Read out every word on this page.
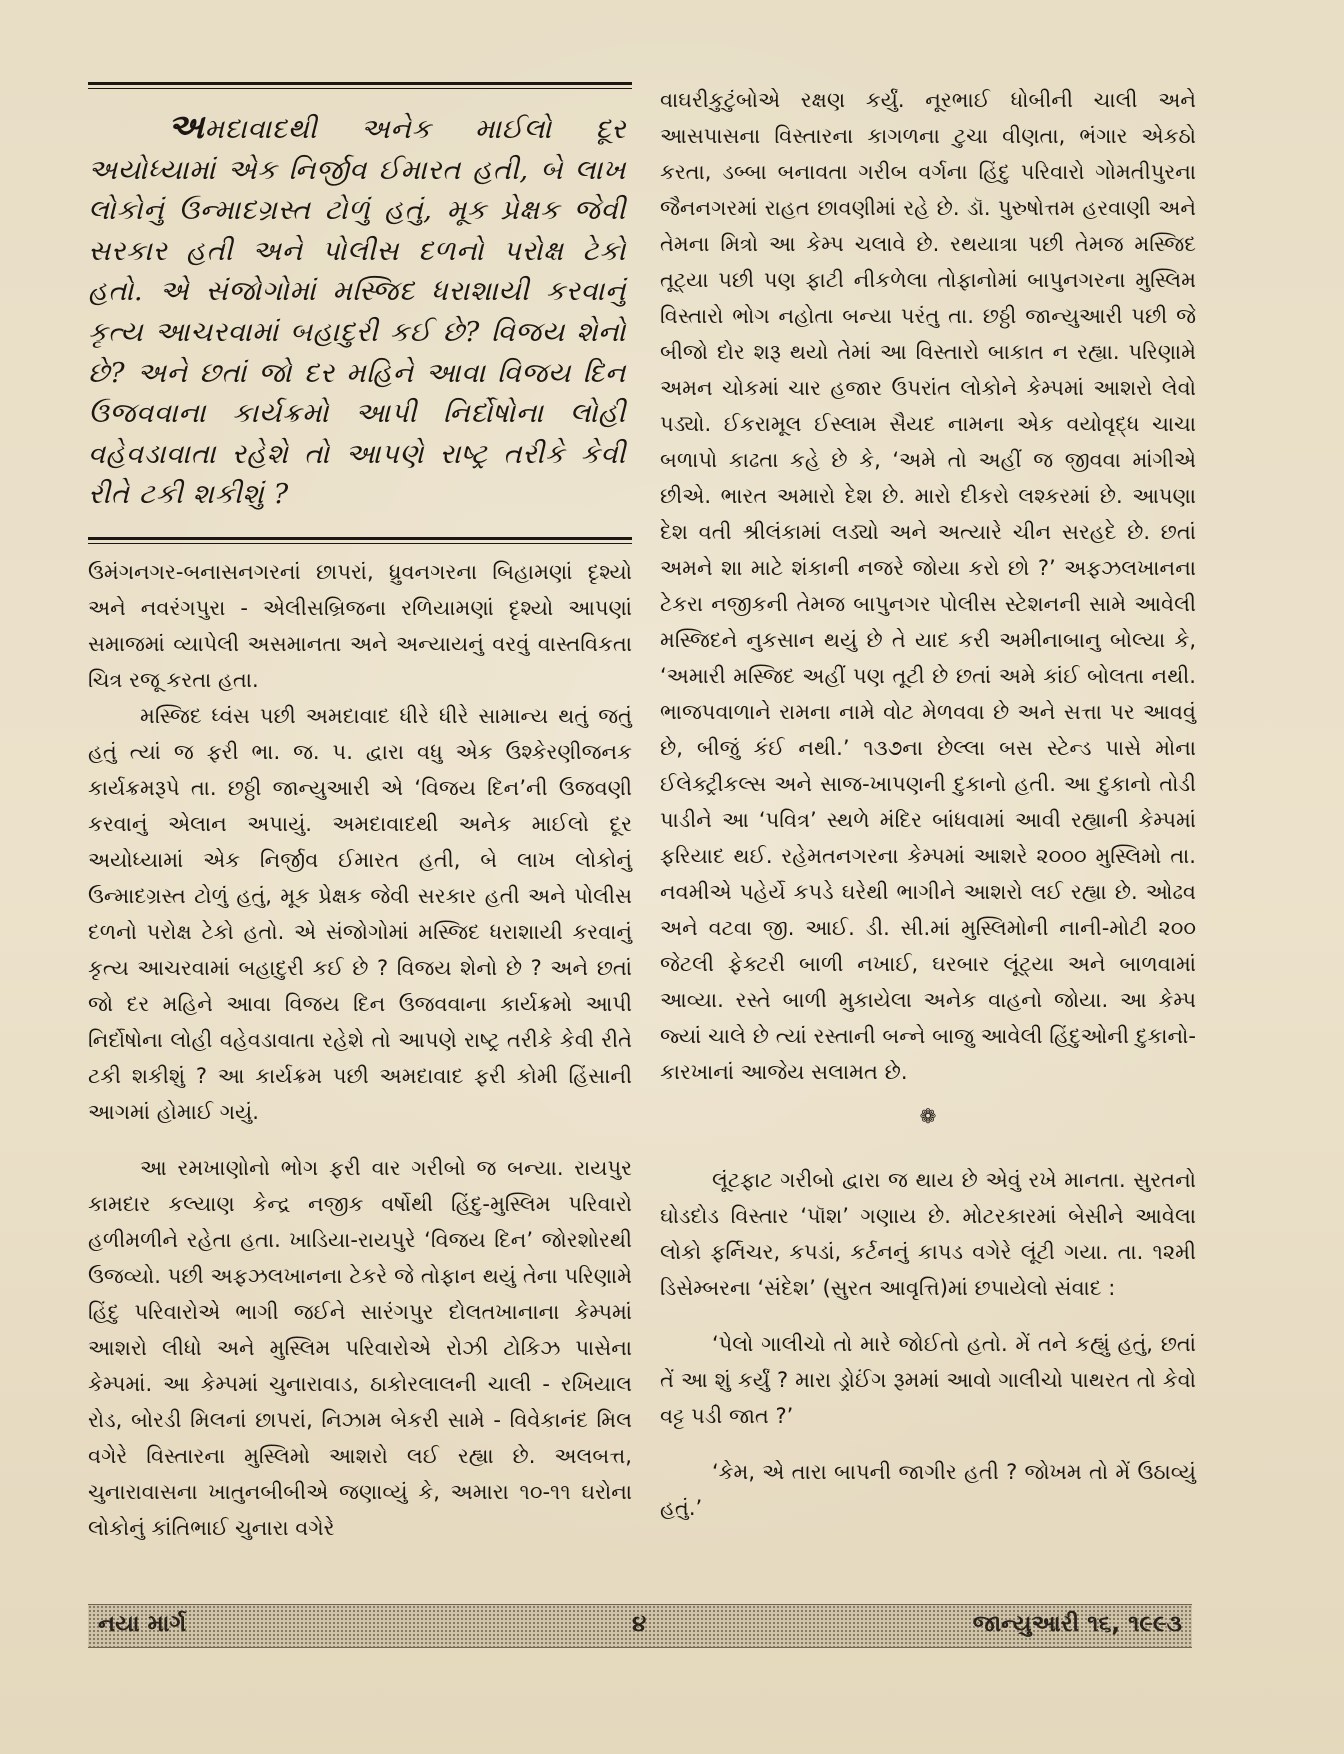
અમદાવાદથી અનેક માઈલો દૂર
અયોધ્યામાં એક નિર્જીવ ઈમારત હતી, બે લાખ લોકોનું ઉન્માદગ્રસ્ત ટોળું હતું, મૂક પ્રેક્ષક જેવી સરકાર હતી અને પોલીસ દળનો પરોક્ષ ટેકો હતો. એ સંજોગોમાં મસ્જિદ ધરાશાયી કરવાનું કૃત્ય આચરવામાં બહાદુરી કઈ છે? વિજય શેનો છે? અને છતાં જો દર મહિને આવા વિજય દિન ઉજવવાના કાર્યક્રમો આપી નિર્દોષોના લોહી વહેવડાવાતા રહેશે તો આપણે રાષ્ટ્ર તરીકે કેવી રીતે ટકી શકીશું ?

ઉમંગનગર-બનાસનગરનાં છાપરાં, ધ્રુવનગરના બિહામણાં દૃશ્યો અને નવરંગપુરા - એલીસબ્રિજના રળિયામણાં દૃશ્યો આપણાં સમાજમાં વ્યાપેલી અસમાનતા અને અન્યાયનું વરવું વાસ્તવિકતા ચિત્ર રજૂ કરતા હતા.

મસ્જિદ ધ્વંસ પછી અમદાવાદ ધીરે ધીરે સામાન્ય થતું જતું હતું ત્યાં જ ફરી ભા. જ. પ. દ્વારા વધુ એક ઉશ્કેરણીજનક કાર્યક્રમરૂપે તા. છઠ્ઠી જાન્યુઆરી એ ‘વિજય દિન’ની ઉજવણી કરવાનું એલાન અપાયું. અમદાવાદથી અનેક માઈલો દૂર અયોધ્યામાં એક નિર્જીવ ઈમારત હતી, બે લાખ લોકોનું ઉન્માદગ્રસ્ત ટોળું હતું, મૂક પ્રેક્ષક જેવી સરકાર હતી અને પોલીસ દળનો પરોક્ષ ટેકો હતો. એ સંજોગોમાં મસ્જિદ ધરાશાયી કરવાનું કૃત્ય આચરવામાં બહાદુરી કઈ છે ? વિજય શેનો છે ? અને છતાં જો દર મહિને આવા વિજય દિન ઉજવવાના કાર્યક્રમો આપી નિર્દોષોના લોહી વહેવડાવાતા રહેશે તો આપણે રાષ્ટ્ર તરીકે કેવી રીતે ટકી શકીશું ? આ કાર્યક્રમ પછી અમદાવાદ ફરી કોમી હિંસાની આગમાં હોમાઈ ગયું.

આ રમખાણોનો ભોગ ફરી વાર ગરીબો જ બન્યા. રાયપુર કામદાર કલ્યાણ કેન્દ્ર નજીક વર્ષોથી હિંદુ-મુસ્લિમ પરિવારો હળીમળીને રહેતા હતા. ખાડિયા-રાયપુરે ‘વિજય દિન’ જોરશોરથી ઉજવ્યો. પછી અફઝલખાનના ટેકરે જે તોફાન થયું તેના પરિણામે હિંદુ પરિવારોએ ભાગી જઈને સારંગપુર દોલતખાનાના કેમ્પમાં આશરો લીધો અને મુસ્લિમ પરિવારોએ રોઝી ટોકિઝ પાસેના કેમ્પમાં. આ કેમ્પમાં ચુનારાવાડ, ઠાકોરલાલની ચાલી - રખિયાલ રોડ, બોરડી મિલનાં છાપરાં, નિઝામ બેકરી સામે - વિવેકાનંદ મિલ વગેરે વિસ્તારના મુસ્લિમો આશરો લઈ રહ્યા છે. અલબત્ત, ચુનારાવાસના ખાતુનબીબીએ જણાવ્યું કે, અમારા ૧૦-૧૧ ઘરોના લોકોનું કાંતિભાઈ ચુનારા વગેરે

વાઘરીકુટુંબોએ રક્ષણ કર્યું. નૂરભાઈ ધોબીની ચાલી અને આસપાસના વિસ્તારના કાગળના ટુચા વીણતા, ભંગાર એકઠો કરતા, ડબ્બા બનાવતા ગરીબ વર્ગના હિંદુ પરિવારો ગોમતીપુરના જૈનનગરમાં રાહત છાવણીમાં રહે છે. ડૉ. પુરુષોત્તમ હરવાણી અને તેમના મિત્રો આ કેમ્પ ચલાવે છે. રથયાત્રા પછી તેમજ મસ્જિદ તૂટ્યા પછી પણ ફાટી નીકળેલા તોફાનોમાં બાપુનગરના મુસ્લિમ વિસ્તારો ભોગ નહોતા બન્યા પરંતુ તા. છઠ્ઠી જાન્યુઆરી પછી જે બીજો દોર શરૂ થયો તેમાં આ વિસ્તારો બાકાત ન રહ્યા. પરિણામે અમન ચોકમાં ચાર હજાર ઉપરાંત લોકોને કેમ્પમાં આશરો લેવો પડ્યો. ઈકરામૂલ ઈસ્લામ સૈયદ નામના એક વયોવૃદ્ધ ચાચા બળાપો કાઢતા કહે છે કે, ‘અમે તો અહીં જ જીવવા માંગીએ છીએ. ભારત અમારો દેશ છે. મારો દીકરો લશ્કરમાં છે. આપણા દેશ વતી શ્રીલંકામાં લડ્યો અને અત્યારે ચીન સરહદે છે. છતાં અમને શા માટે શંકાની નજરે જોયા કરો છો ?’ અફઝલખાનના ટેકરા નજીકની તેમજ બાપુનગર પોલીસ સ્ટેશનની સામે આવેલી મસ્જિદને નુકસાન થયું છે તે યાદ કરી અમીનાબાનુ બોલ્યા કે, ‘અમારી મસ્જિદ અહીં પણ તૂટી છે છતાં અમે કાંઈ બોલતા નથી. ભાજપવાળાને રામના નામે વોટ મેળવવા છે અને સત્તા પર આવવું છે, બીજું કંઈ નથી.’ ૧૩૭ના છેલ્લા બસ સ્ટેન્ડ પાસે મોના ઈલેક્ટ્રીકલ્સ અને સાજ-ખાપણની દુકાનો હતી. આ દુકાનો તોડી પાડીને આ ‘પવિત્ર’ સ્થળે મંદિર બાંધવામાં આવી રહ્યાની કેમ્પમાં ફરિયાદ થઈ. રહેમતનગરના કેમ્પમાં આશરે ૨૦૦૦ મુસ્લિમો તા. નવમીએ પહેર્યે કપડે ઘરેથી ભાગીને આશરો લઈ રહ્યા છે. ઓઢવ અને વટવા જી. આઈ. ડી. સી.માં મુસ્લિમોની નાની-મોટી ૨૦૦ જેટલી ફેક્ટરી બાળી નખાઈ, ઘરબાર લૂંટ્યા અને બાળવામાં આવ્યા. રસ્તે બાળી મુકાયેલા અનેક વાહનો જોયા. આ કેમ્પ જ્યાં ચાલે છે ત્યાં રસ્તાની બન્ને બાજુ આવેલી હિંદુઓની દુકાનો-કારખાનાં આજેય સલામત છે.

❁

લૂંટફાટ ગરીબો દ્વારા જ થાય છે એવું રખે માનતા. સુરતનો ઘોડદોડ વિસ્તાર ‘પૉશ’ ગણાય છે. મોટરકારમાં બેસીને આવેલા લોકો ફર્નિચર, કપડાં, કર્ટનનું કાપડ વગેરે લૂંટી ગયા. તા. ૧૨મી ડિસેમ્બરના ‘સંદેશ’ (સુરત આવૃત્તિ)માં છપાયેલો સંવાદ :

‘પેલો ગાલીચો તો મારે જોઈતો હતો. મેં તને કહ્યું હતું, છતાં તેં આ શું કર્યું ? મારા ડ્રોઈંગ રૂમમાં આવો ગાલીચો પાથરત તો કેવો વટ્ટ પડી જાત ?’

‘કેમ, એ તારા બાપની જાગીર હતી ? જોખમ તો મેં ઉઠાવ્યું હતું.’

નયા માર્ગ	૪	જાન્યુઆરી ૧૬, ૧૯૯૩
